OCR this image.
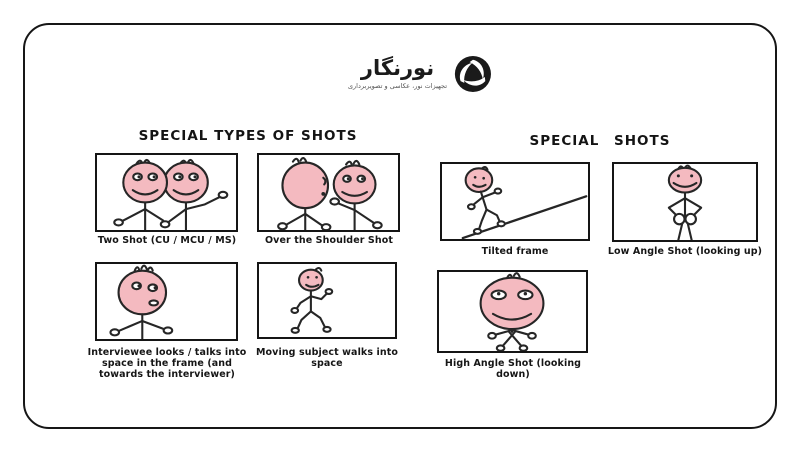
نورنگار
تجهیزات نور، عکاسی و تصویربرداری
SPECIAL TYPES OF SHOTS	SPECIAL SHOTS
Two Shot (CU / MCU / MS)	Over the Shoulder Shot
Interviewee looks / talks into space in the frame (and towards the interviewer)
Moving subject walks into space
Tilted frame	Low Angle Shot (looking up)
High Angle Shot (looking down)
